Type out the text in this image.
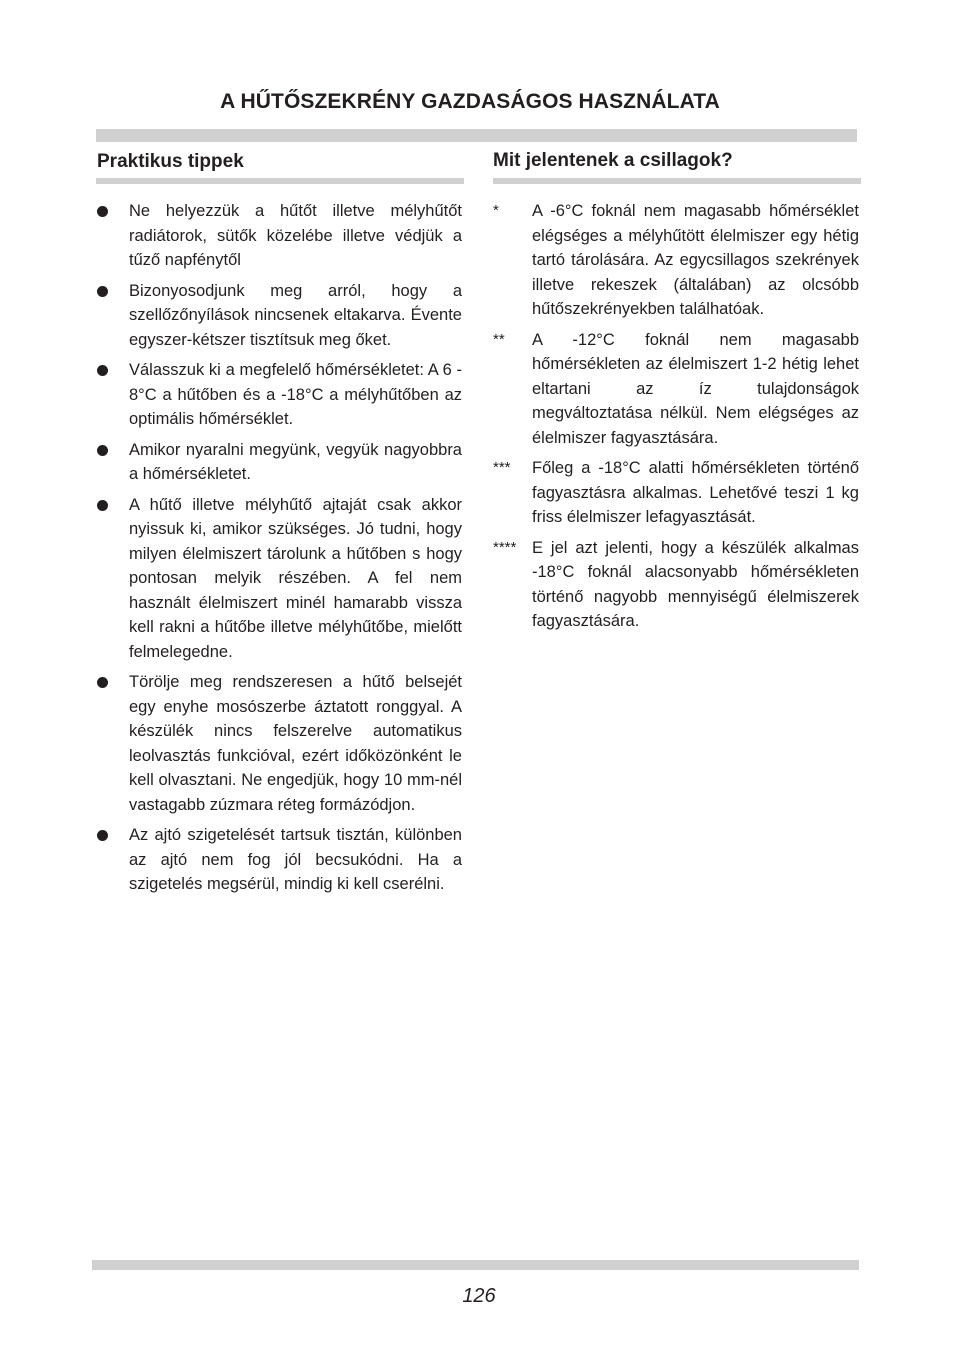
A HŰTŐSZEKRÉNY GAZDASÁGOS HASZNÁLATA
Praktikus tippek	Mit jelentenek a csillagok?
Ne helyezzük a hűtőt illetve mélyhűtőt radiátorok, sütők közelébe illetve védjük a tűző napfénytől
Bizonyosodjunk meg arról, hogy a szellőzőnyílások nincsenek eltakarva. Évente egyszer-kétszer tisztítsuk meg őket.
Válasszuk ki a megfelelő hőmérsékletet: A 6 - 8°C a hűtőben és a -18°C a mélyhűtőben az optimális hőmérséklet.
Amikor nyaralni megyünk, vegyük nagyobbra a hőmérsékletet.
A hűtő illetve mélyhűtő ajtaját csak akkor nyissuk ki, amikor szükséges. Jó tudni, hogy milyen élelmiszert tárolunk a hűtőben s hogy pontosan melyik részében. A fel nem használt élelmiszert minél hamarabb vissza kell rakni a hűtőbe illetve mélyhűtőbe, mielőtt felmelegedne.
Törölje meg rendszeresen a hűtő belsejét egy enyhe mosószerbe áztatott ronggyal. A készülék nincs felszerelve automatikus leolvasztás funkcióval, ezért időközönként le kell olvasztani. Ne engedjük, hogy 10 mm-nél vastagabb zúzmara réteg formázódjon.
Az ajtó szigetelését tartsuk tisztán, különben az ajtó nem fog jól becsukódni. Ha a szigetelés megsérül, mindig ki kell cserélni.
* A -6°C foknál nem magasabb hőmérséklet elégséges a mélyhűtött élelmiszer egy hétig tartó tárolására. Az egycsillagos szekrények illetve rekeszek (általában) az olcsóbb hűtőszekrényekben találhatóak.
** A -12°C foknál nem magasabb hőmérsékleten az élelmiszert 1-2 hétig lehet eltartani az íz tulajdonságok megváltoztatása nélkül. Nem elégséges az élelmiszer fagyasztására.
*** Főleg a -18°C alatti hőmérsékleten történő fagyasztásra alkalmas. Lehetővé teszi 1 kg friss élelmiszer lefagyasztását.
**** E jel azt jelenti, hogy a készülék alkalmas -18°C foknál alacsonyabb hőmérsékleten történő nagyobb mennyiségű élelmiszerek fagyasztására.
126
